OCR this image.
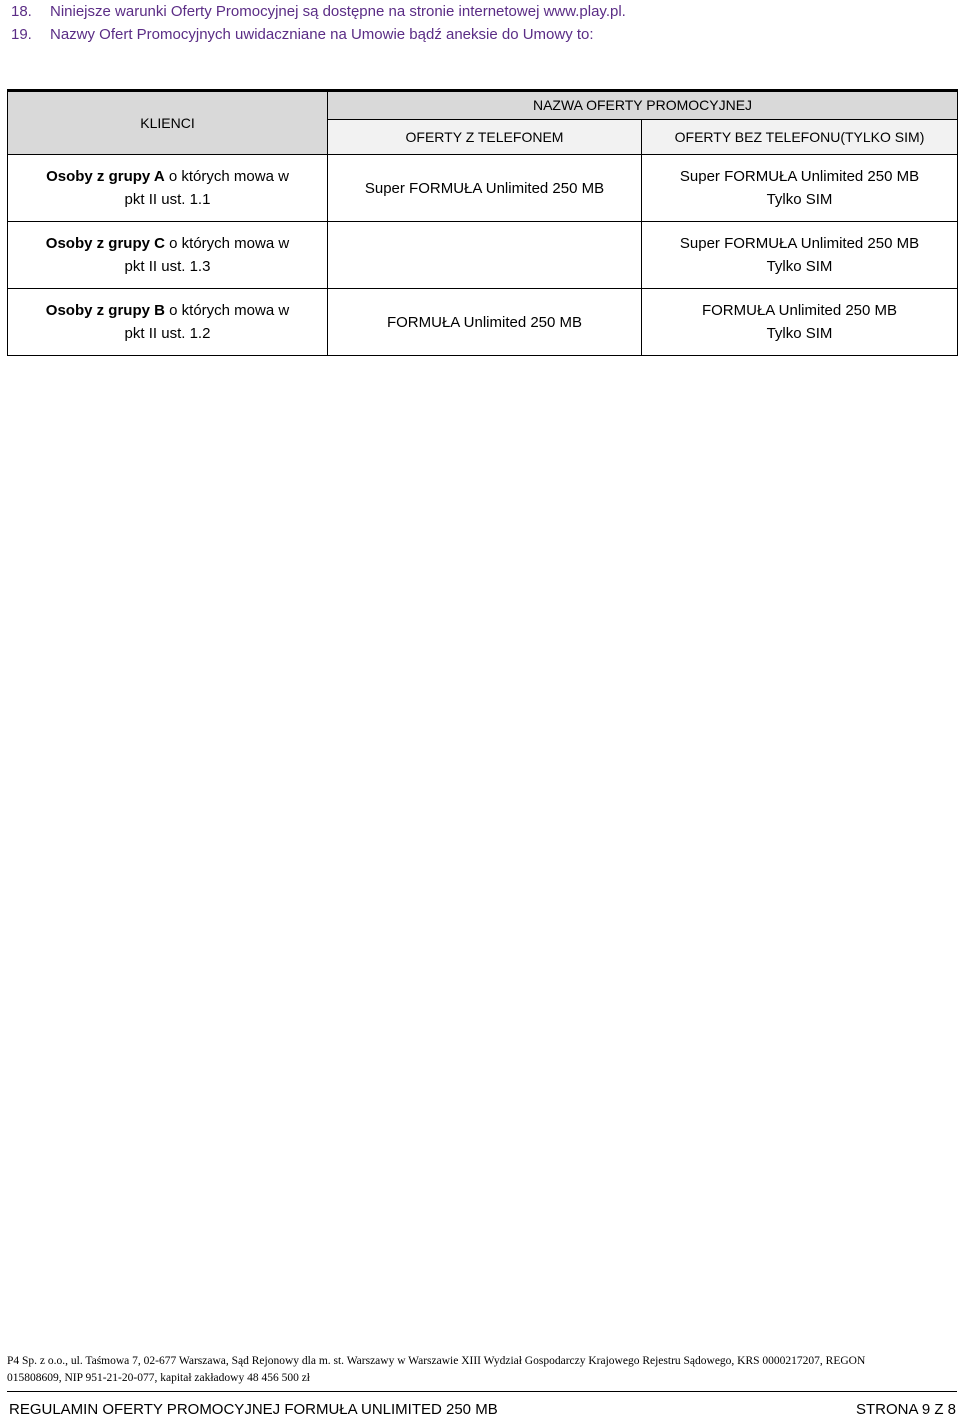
18. Niniejsze warunki Oferty Promocyjnej są dostępne na stronie internetowej www.play.pl.
19. Nazwy Ofert Promocyjnych uwidaczniane na Umowie bądź aneksie do Umowy to:
KLIENCI	NAZWA OFERTY PROMOCYJNEJ	
	OFERTY Z TELEFONEM	OFERTY BEZ TELEFONU(TYLKO SIM)

Osoby z grupy A o których mowa w
pkt II ust. 1.1	Super FORMUŁA Unlimited 250 MB	Super FORMUŁA Unlimited 250 MB
Tylko SIM

Osoby z grupy C o których mowa w
pkt II ust. 1.3		Super FORMUŁA Unlimited 250 MB
Tylko SIM

Osoby z grupy B o których mowa w
pkt II ust. 1.2	FORMUŁA Unlimited 250 MB	FORMUŁA Unlimited 250 MB
Tylko SIM
P4 Sp. z o.o., ul. Taśmowa 7, 02-677 Warszawa, Sąd Rejonowy dla m. st. Warszawy w Warszawie XIII Wydział Gospodarczy Krajowego Rejestru Sądowego, KRS 0000217207, REGON
015808609, NIP 951-21-20-077, kapitał zakładowy 48 456 500 zł
REGULAMIN OFERTY PROMOCYJNEJ FORMUŁA UNLIMITED 250 MB	STRONA 9 Z 8
